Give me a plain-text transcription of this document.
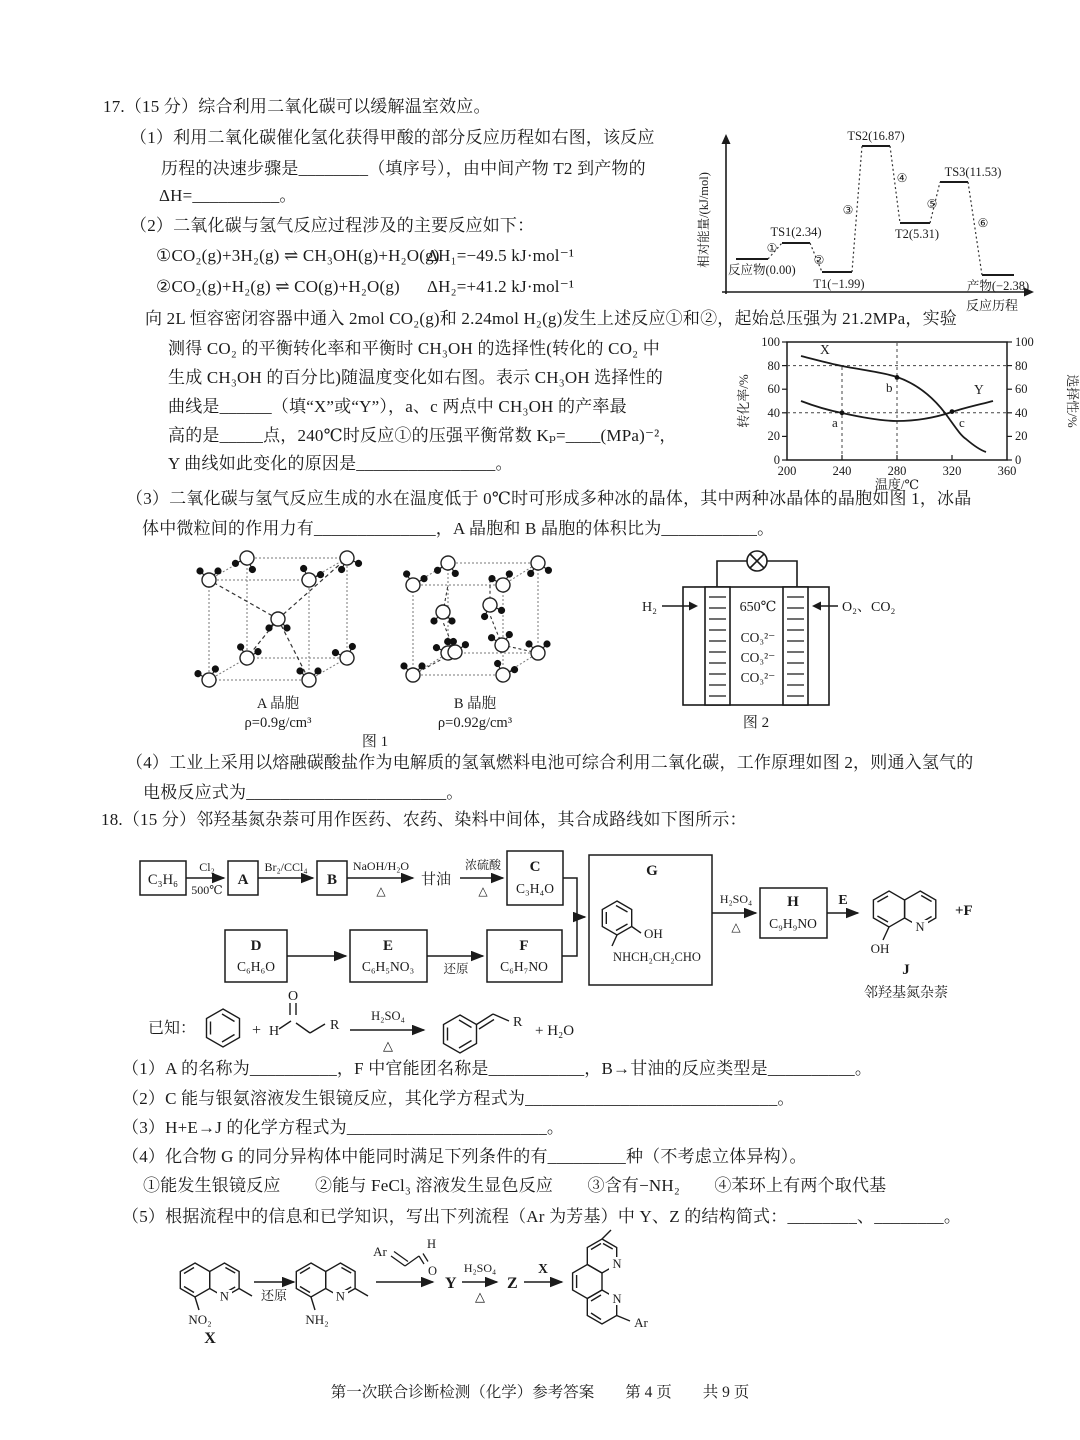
17.（15 分）综合利用二氧化碳可以缓解温室效应。
（1）利用二氧化碳催化氢化获得甲酸的部分反应历程如右图，该反应
历程的决速步骤是________（填序号），由中间产物 T2 到产物的
ΔH=__________。
（2）二氧化碳与氢气反应过程涉及的主要反应如下：
①CO₂(g)+3H₂(g) ⇌ CH₃OH(g)+H₂O(g)
ΔH₁=−49.5 kJ·mol⁻¹
②CO₂(g)+H₂(g) ⇌ CO(g)+H₂O(g) ΔH₂=+41.2 kJ·mol⁻¹
向 2L 恒容密闭容器中通入 2mol CO₂(g)和 2.24mol H₂(g)发生上述反应①和②，起始总压强为 21.2MPa，实验
测得 CO₂ 的平衡转化率和平衡时 CH₃OH 的选择性(转化的 CO₂ 中
生成 CH₃OH 的百分比)随温度变化如右图。表示 CH₃OH 选择性的
曲线是______（填“X”或“Y”），a、c 两点中 CH₃OH 的产率最
高的是_____点，240℃时反应①的压强平衡常数 Kₚ=____(MPa)⁻²，
Y 曲线如此变化的原因是________________。
（3）二氧化碳与氢气反应生成的水在温度低于 0℃时可形成多种冰的晶体，其中两种冰晶体的晶胞如图 1，冰晶
体中微粒间的作用力有______________，A 晶胞和 B 晶胞的体积比为___________。
（4）工业上采用以熔融碳酸盐作为电解质的氢氧燃料电池可综合利用二氧化碳，工作原理如图 2，则通入氢气的
电极反应式为_______________________。
相对能量/(kJ/mol)
反应历程
反应物(0.00)
TS1(2.34)
T1(−1.99)
TS2(16.87)
T2(5.31)
TS3(11.53)
产物(−2.38)
①
②
③
④
⑤
⑥
0
20
40
60
80
100
0
20
40
60
80
100
200	240	280	320	360
转化率/%	选择性/%
温度/℃
X
Y
a
b
c
A 晶胞
ρ=0.9g/cm³
B 晶胞
ρ=0.92g/cm³
图 1
H₂	O₂、CO₂
650℃
CO₃²⁻
CO₃²⁻
CO₃²⁻
图 2
18.（15 分）邻羟基氮杂萘可用作医药、农药、染料中间体，其合成路线如下图所示：
（1）A 的名称为__________，F 中官能团名称是___________，B→甘油的反应类型是__________。
（2）C 能与银氨溶液发生银镜反应，其化学方程式为_____________________________。
（3）H+E→J 的化学方程式为_______________________。
（4）化合物 G 的同分异构体中能同时满足下列条件的有_________种（不考虑立体异构）。
①能发生银镜反应　　②能与 FeCl₃ 溶液发生显色反应　　③含有−NH₂　　④苯环上有两个取代基
（5）根据流程中的信息和已学知识，写出下列流程（Ar 为芳基）中 Y、Z 的结构简式：________、________。
C₃H₆
Cl₂
500℃
A
Br₂/CCl₄
B
NaOH/H₂O
△
甘油
浓硫酸
△
C
C₃H₄O
D
C₆H₆O
E
C₆H₅NO₃ 还原
F
C₆H₇NO
G
OH
NHCH₂CH₂CHO
H₂SO₄
△
H
C₉H₉NO
E
N
OH
+F
J
邻羟基氮杂萘
已知：	+ H
O
R
H₂SO₄
△
R
+ H₂O
N
NO₂
X
还原	N
NH₂
Ar	H
O
Y
H₂SO₄
△
Z
X	N
N
Ar
第一次联合诊断检测（化学）参考答案　　第 4 页　　共 9 页
